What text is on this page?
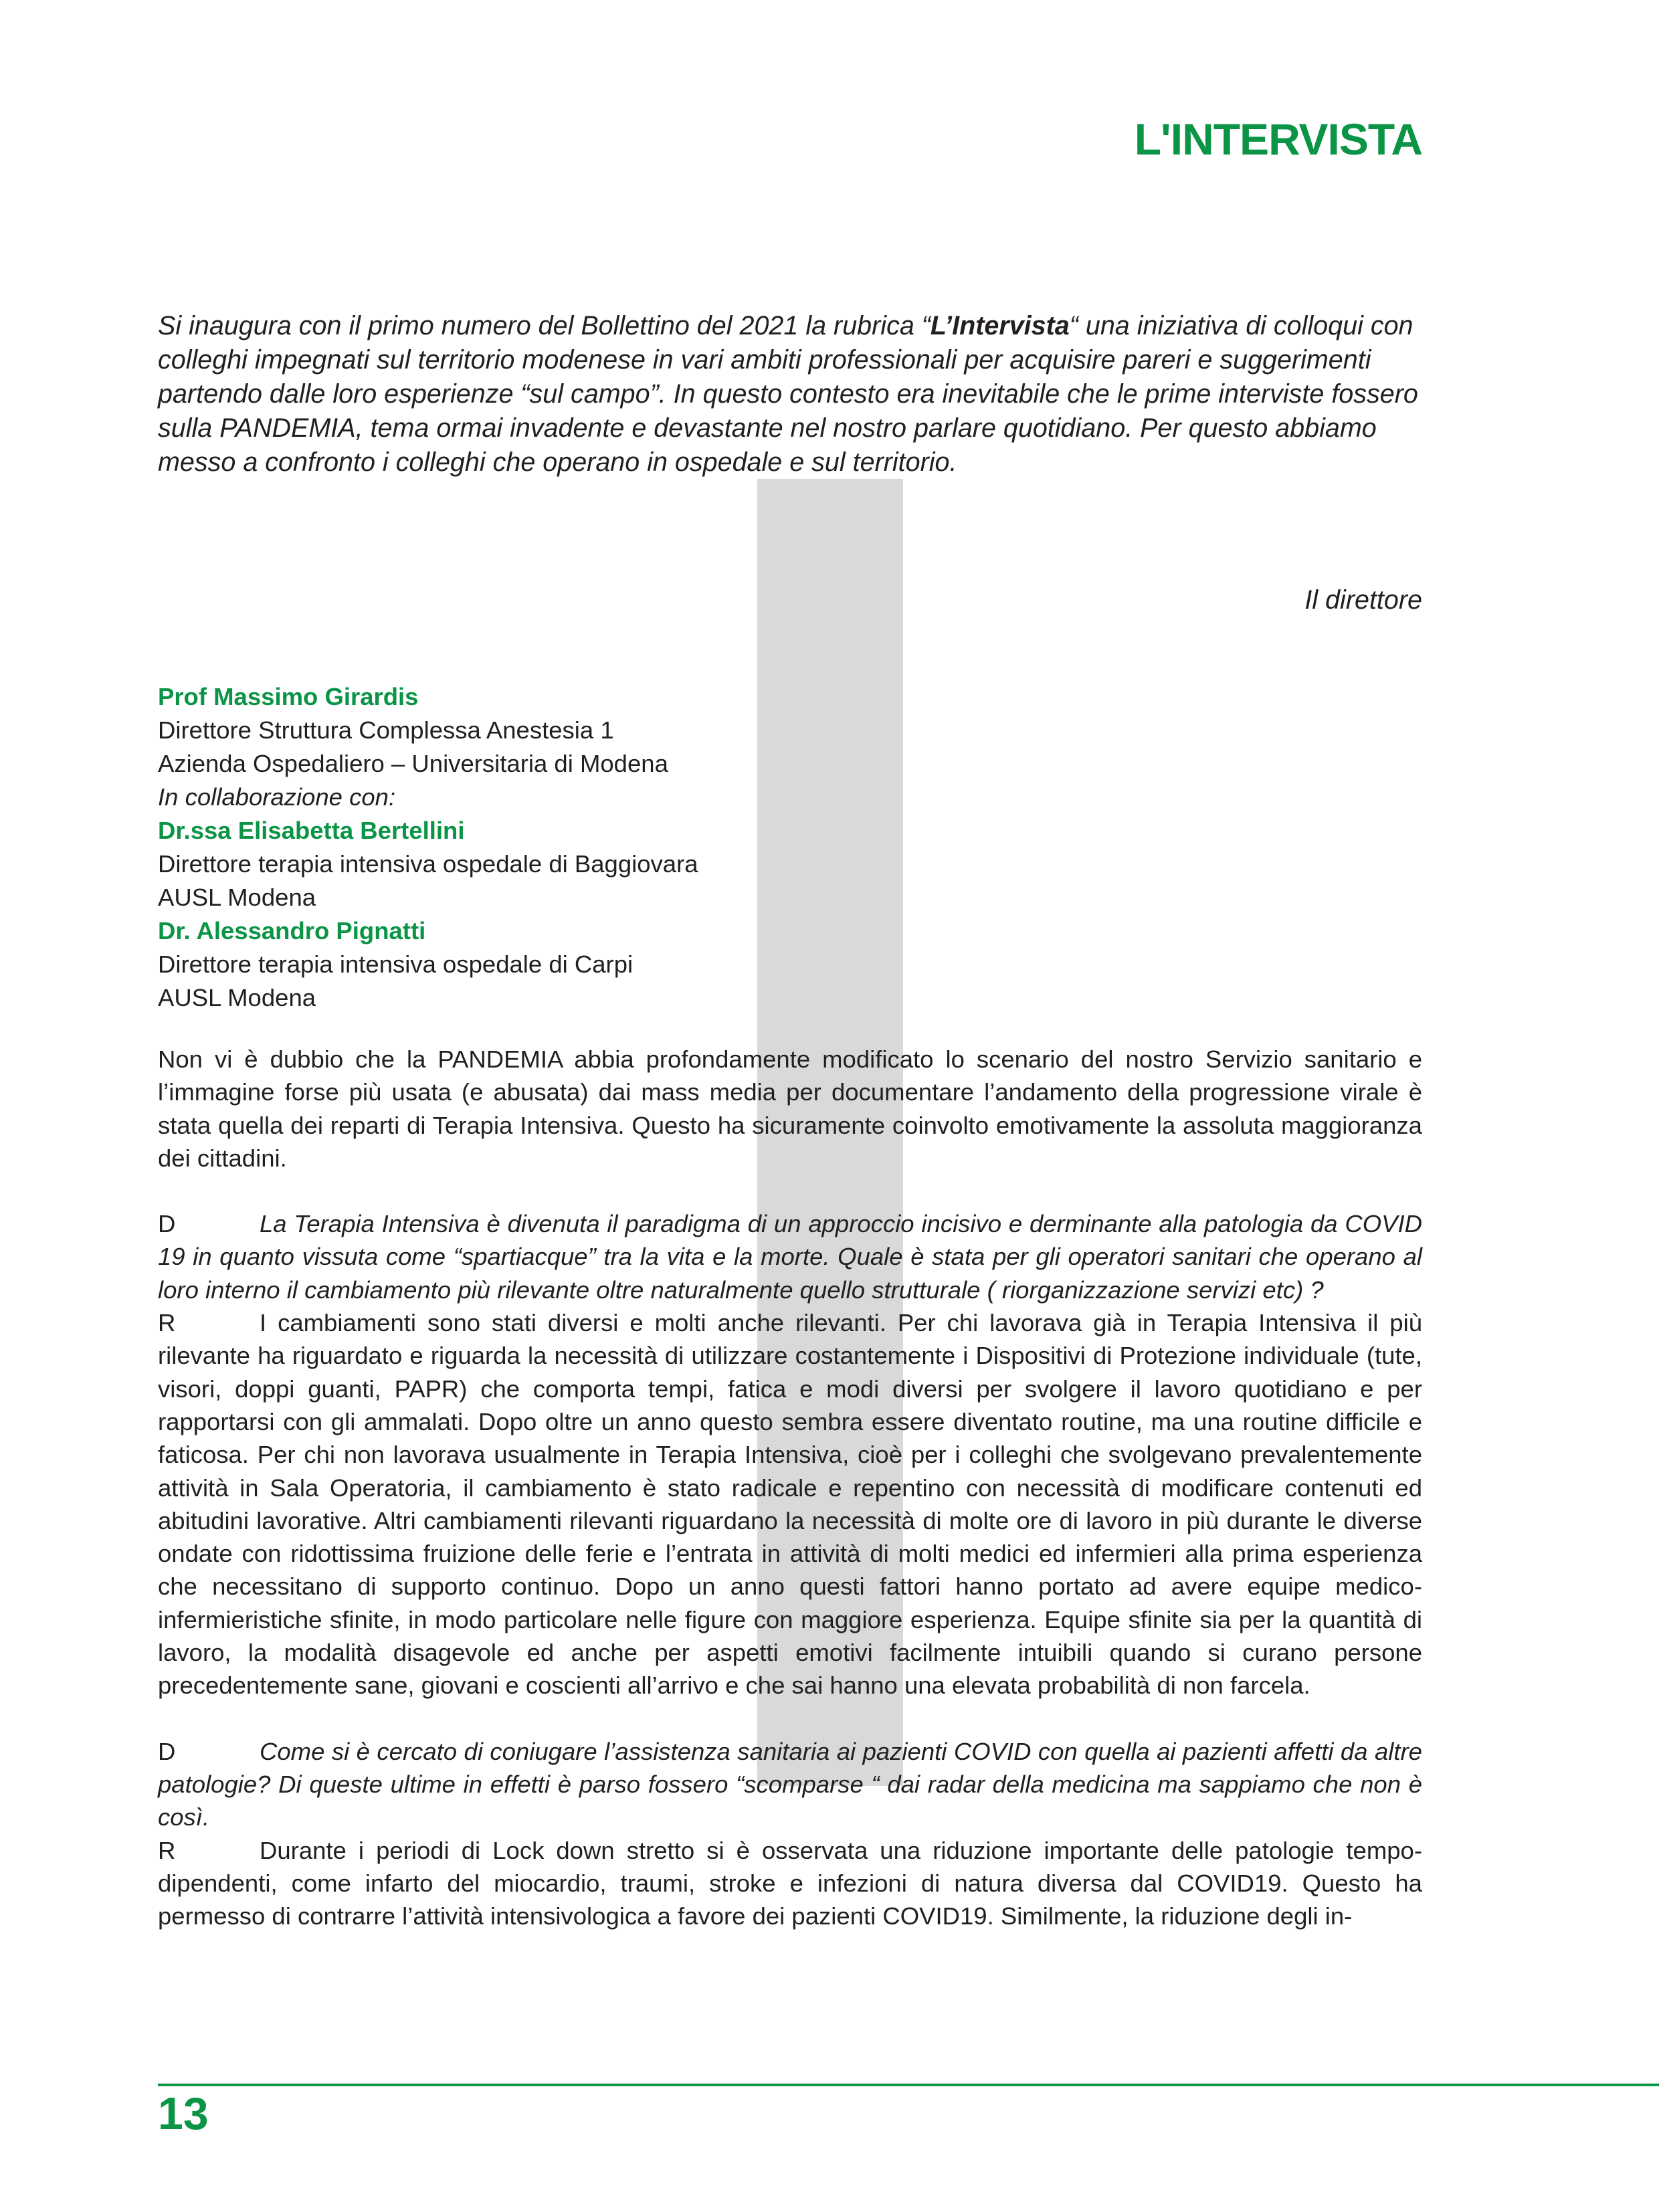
L'INTERVISTA

Si inaugura con il primo numero del Bollettino del 2021 la rubrica “L’Intervista“ una iniziativa di colloqui con colleghi impegnati sul territorio modenese in vari ambiti professionali per acquisire pareri e suggerimenti partendo dalle loro esperienze “sul campo”. In questo contesto era inevitabile che le prime interviste fossero sulla PANDEMIA, tema ormai invadente e devastante nel nostro parlare quotidiano. Per questo abbiamo messo a confronto i colleghi che operano in ospedale e sul territorio.

Il direttore

Prof Massimo Girardis
Direttore Struttura Complessa Anestesia 1
Azienda Ospedaliero – Universitaria di Modena
In collaborazione con:
Dr.ssa Elisabetta Bertellini
Direttore terapia intensiva ospedale di Baggiovara
AUSL Modena
Dr. Alessandro Pignatti
Direttore terapia intensiva ospedale di Carpi
AUSL Modena

Non vi è dubbio che la PANDEMIA abbia profondamente modificato lo scenario del nostro Servizio sanitario e l’immagine forse più usata (e abusata) dai mass media per documentare l’andamento della progressione virale è stata quella dei reparti di Terapia Intensiva. Questo ha sicuramente coinvolto emotivamente la assoluta maggioranza dei cittadini.

D	La Terapia Intensiva è divenuta il paradigma di un approccio incisivo e derminante alla patologia da COVID 19 in quanto vissuta come “spartiacque” tra la vita e la morte. Quale è stata per gli operatori sanitari che operano al loro interno il cambiamento più rilevante oltre naturalmente quello strutturale ( riorganizzazione servizi etc) ?

R	I cambiamenti sono stati diversi e molti anche rilevanti. Per chi lavorava già in Terapia Intensiva il più rilevante ha riguardato e riguarda la necessità di utilizzare costantemente i Dispositivi di Protezione individuale (tute, visori, doppi guanti, PAPR) che comporta tempi, fatica e modi diversi per svolgere il lavoro quotidiano e per rapportarsi con gli ammalati. Dopo oltre un anno questo sembra essere diventato routine, ma una routine difficile e faticosa. Per chi non lavorava usualmente in Terapia Intensiva, cioè per i colleghi che svolgevano prevalentemente attività in Sala Operatoria, il cambiamento è stato radicale e repentino con necessità di modificare contenuti ed abitudini lavorative. Altri cambiamenti rilevanti riguardano la necessità di molte ore di lavoro in più durante le diverse ondate con ridottissima fruizione delle ferie e l’entrata in attività di molti medici ed infermieri alla prima esperienza che necessitano di supporto continuo. Dopo un anno questi fattori hanno portato ad avere equipe medico-infermieristiche sfinite, in modo particolare nelle figure con maggiore esperienza. Equipe sfinite sia per la quantità di lavoro, la modalità disagevole ed anche per aspetti emotivi facilmente intuibili quando si curano persone precedentemente sane, giovani e coscienti all’arrivo e che sai hanno una elevata probabilità di non farcela.

D	Come si è cercato di coniugare l’assistenza sanitaria ai pazienti COVID con quella ai pazienti affetti da altre patologie? Di queste ultime in effetti è parso fossero “scomparse “ dai radar della medicina ma sappiamo che non è così.

R	Durante i periodi di Lock down stretto si è osservata una riduzione importante delle patologie tempo-dipendenti, come infarto del miocardio, traumi, stroke e infezioni di natura diversa dal COVID19. Questo ha permesso di contrarre l’attività intensivologica a favore dei pazienti COVID19. Similmente, la riduzione degli in-

13
